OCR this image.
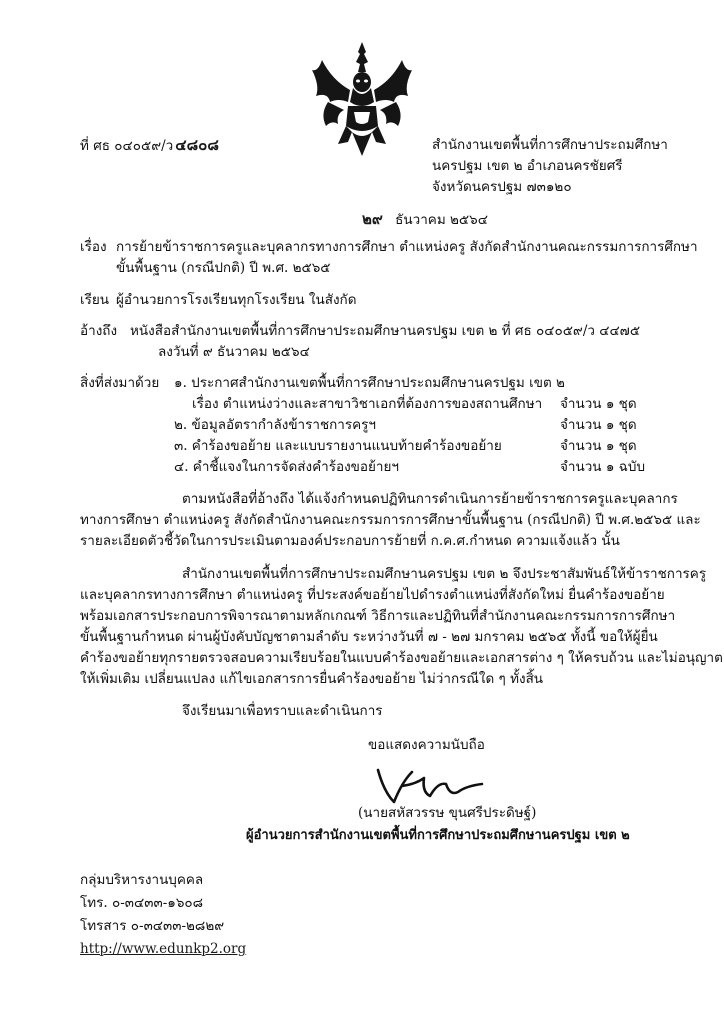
ที่ ศธ ๐๔๐๕๙/ว ๔๘๐๘	สำนักงานเขตพื้นที่การศึกษาประถมศึกษา
นครปฐม เขต ๒ อำเภอนครชัยศรี
จังหวัดนครปฐม ๗๓๑๒๐
๒๙ ธันวาคม ๒๕๖๔
เรื่อง การย้ายข้าราชการครูและบุคลากรทางการศึกษา ตำแหน่งครู สังกัดสำนักงานคณะกรรมการการศึกษา
ขั้นพื้นฐาน (กรณีปกติ) ปี พ.ศ. ๒๕๖๕
เรียน ผู้อำนวยการโรงเรียนทุกโรงเรียน ในสังกัด
อ้างถึง หนังสือสำนักงานเขตพื้นที่การศึกษาประถมศึกษานครปฐม เขต ๒ ที่ ศธ ๐๔๐๕๙/ว ๔๔๗๕
ลงวันที่ ๙ ธันวาคม ๒๕๖๔
สิ่งที่ส่งมาด้วย ๑. ประกาศสำนักงานเขตพื้นที่การศึกษาประถมศึกษานครปฐม เขต ๒
เรื่อง ตำแหน่งว่างและสาขาวิชาเอกที่ต้องการของสถานศึกษา จำนวน ๑ ชุด
๒. ข้อมูลอัตรากำลังข้าราชการครูฯ	จำนวน ๑ ชุด
๓. คำร้องขอย้าย และแบบรายงานแนบท้ายคำร้องขอย้าย	จำนวน ๑ ชุด
๔. คำชี้แจงในการจัดส่งคำร้องขอย้ายฯ	จำนวน ๑ ฉบับ
ตามหนังสือที่อ้างถึง ได้แจ้งกำหนดปฏิทินการดำเนินการย้ายข้าราชการครูและบุคลากร
ทางการศึกษา ตำแหน่งครู สังกัดสำนักงานคณะกรรมการการศึกษาขั้นพื้นฐาน (กรณีปกติ) ปี พ.ศ.๒๕๖๕ และ
รายละเอียดตัวชี้วัดในการประเมินตามองค์ประกอบการย้ายที่ ก.ค.ศ.กำหนด ความแจ้งแล้ว นั้น
สำนักงานเขตพื้นที่การศึกษาประถมศึกษานครปฐม เขต ๒ จึงประชาสัมพันธ์ให้ข้าราชการครู
และบุคลากรทางการศึกษา ตำแหน่งครู ที่ประสงค์ขอย้ายไปดำรงตำแหน่งที่สังกัดใหม่ ยื่นคำร้องขอย้าย
พร้อมเอกสารประกอบการพิจารณาตามหลักเกณฑ์ วิธีการและปฏิทินที่สำนักงานคณะกรรมการการศึกษา
ขั้นพื้นฐานกำหนด ผ่านผู้บังคับบัญชาตามลำดับ ระหว่างวันที่ ๗ - ๒๗ มกราคม ๒๕๖๕ ทั้งนี้ ขอให้ผู้ยื่น
คำร้องขอย้ายทุกรายตรวจสอบความเรียบร้อยในแบบคำร้องขอย้ายและเอกสารต่าง ๆ ให้ครบถ้วน และไม่อนุญาต
ให้เพิ่มเติม เปลี่ยนแปลง แก้ไขเอกสารการยื่นคำร้องขอย้าย ไม่ว่ากรณีใด ๆ ทั้งสิ้น
จึงเรียนมาเพื่อทราบและดำเนินการ
ขอแสดงความนับถือ
(นายสหัสวรรษ ขุนศรีประดิษฐ์)
ผู้อำนวยการสำนักงานเขตพื้นที่การศึกษาประถมศึกษานครปฐม เขต ๒
กลุ่มบริหารงานบุคคล
โทร. ๐-๓๔๓๓-๑๖๐๘
โทรสาร ๐-๓๔๓๓-๒๘๒๙
http://www.edunkp2.org
